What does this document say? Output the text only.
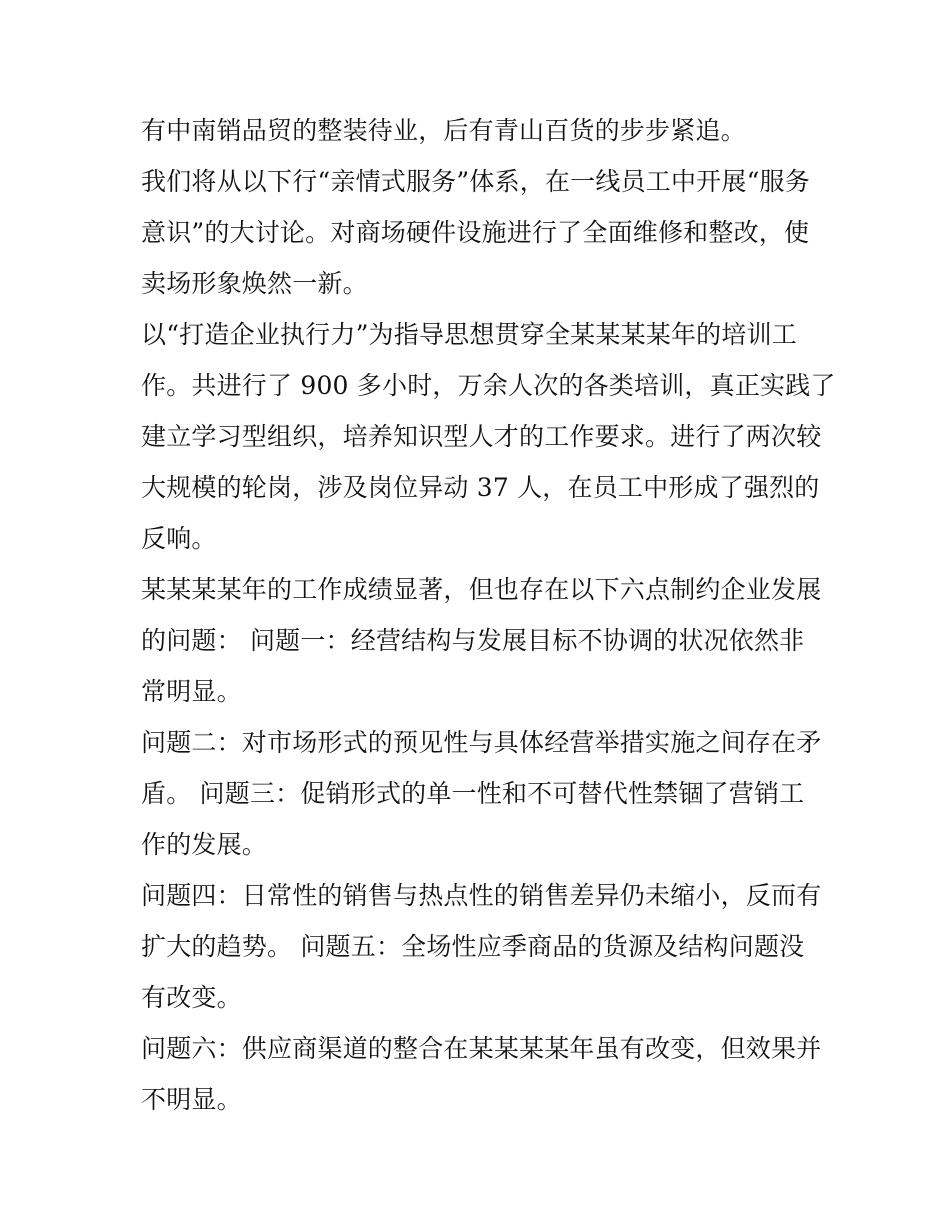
有中南销品贸的整装待业，后有青山百货的步步紧追。
我们将从以下行“亲情式服务”体系，在一线员工中开展“服务
意识”的大讨论。对商场硬件设施进行了全面维修和整改，使
卖场形象焕然一新。
以“打造企业执行力”为指导思想贯穿全某某某某年的培训工
作。共进行了 900 多小时，万余人次的各类培训，真正实践了
建立学习型组织，培养知识型人才的工作要求。进行了两次较
大规模的轮岗，涉及岗位异动 37 人，在员工中形成了强烈的
反响。
某某某某年的工作成绩显著，但也存在以下六点制约企业发展
的问题： 问题一：经营结构与发展目标不协调的状况依然非
常明显。
问题二：对市场形式的预见性与具体经营举措实施之间存在矛
盾。 问题三：促销形式的单一性和不可替代性禁锢了营销工
作的发展。
问题四：日常性的销售与热点性的销售差异仍未缩小，反而有
扩大的趋势。 问题五：全场性应季商品的货源及结构问题没
有改变。
问题六：供应商渠道的整合在某某某某年虽有改变，但效果并
不明显。
